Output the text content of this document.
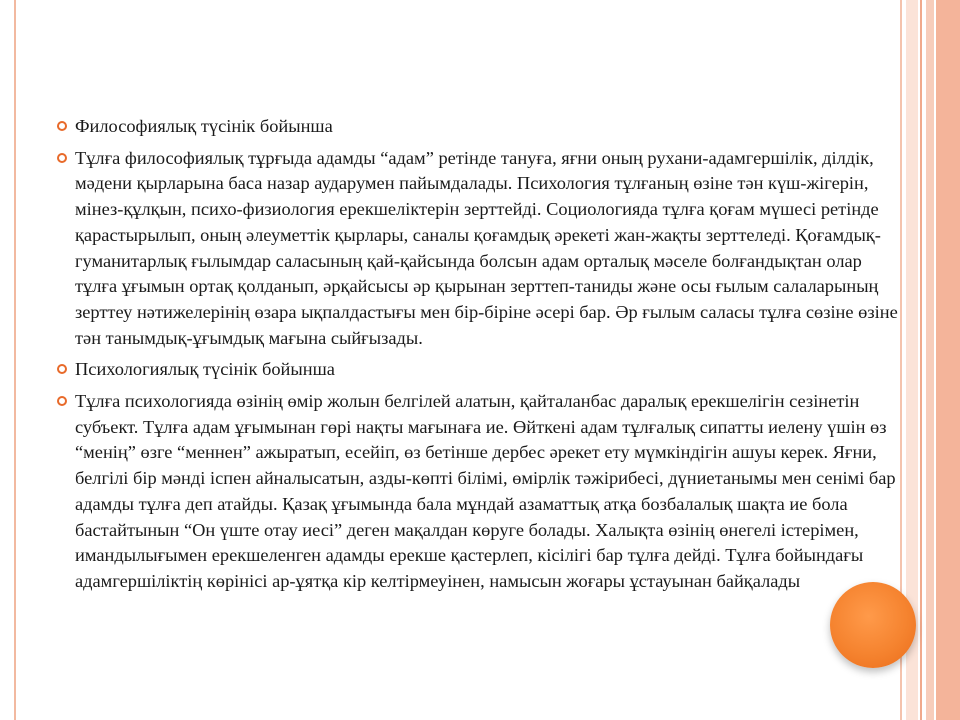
Философиялық түсінік бойынша
Тұлға философиялық тұрғыда адамды “адам” ретінде тануға, яғни оның рухани-адамгершілік, ділдік, мәдени қырларына баса назар аударумен пайымдалады. Психология тұлғаның өзіне тән күш-жігерін, мінез-құлқын, психо-физиология ерекшеліктерін зерттейді. Социологияда тұлға қоғам мүшесі ретінде қарастырылып, оның әлеуметтік қырлары, саналы қоғамдық әрекеті жан-жақты зерттеледі. Қоғамдық-гуманитарлық ғылымдар саласының қай-қайсында болсын адам орталық мәселе болғандықтан олар тұлға ұғымын ортақ қолданып, әрқайсысы әр қырынан зерттеп-таниды және осы ғылым салаларының зерттеу нәтижелерінің өзара ықпалдастығы мен бір-біріне әсері бар. Әр ғылым саласы тұлға сөзіне өзіне тән танымдық-ұғымдық мағына сыйғызады.
Психологиялық түсінік бойынша
Тұлға психологияда өзінің өмір жолын белгілей алатын, қайталанбас даралық ерекшелігін сезінетін субъект. Тұлға адам ұғымынан гөрі нақты мағынаға ие. Өйткені адам тұлғалық сипатты иелену үшін өз “менің” өзге “меннен” ажыратып, есейіп, өз бетінше дербес әрекет ету мүмкіндігін ашуы керек. Яғни, белгілі бір мәнді іспен айналысатын, азды-көпті білімі, өмірлік тәжірибесі, дүниетанымы мен сенімі бар адамды тұлға деп атайды. Қазақ ұғымында бала мұндай азаматтық атқа бозбалалық шақта ие бола бастайтынын “Он үште отау иесі” деген мақалдан көруге болады. Халықта өзінің өнегелі істерімен, имандылығымен ерекшеленген адамды ерекше қастерлеп, кісілігі бар тұлға дейді. Тұлға бойындағы адамгершіліктің көрінісі ар-ұятқа кір келтірмеуінен, намысын жоғары ұстауынан байқалады
